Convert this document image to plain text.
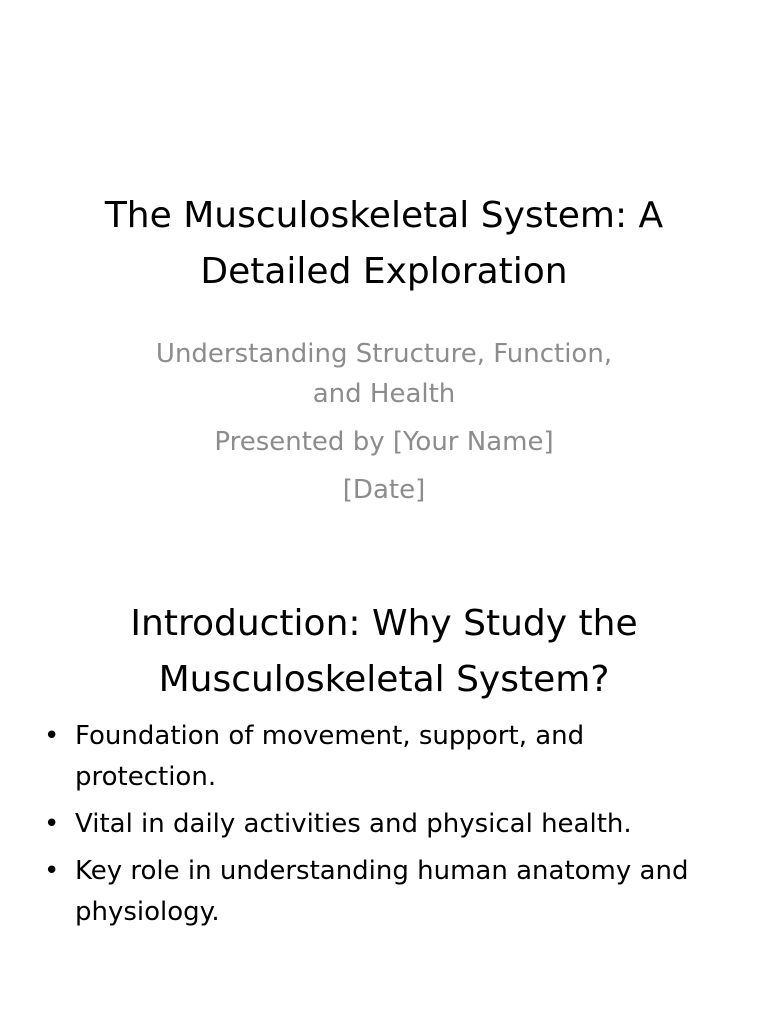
The Musculoskeletal System: A
Detailed Exploration
Understanding Structure, Function,
and Health
Presented by [Your Name]
[Date]
Introduction: Why Study the
Musculoskeletal System?
• Foundation of movement, support, and
protection.
• Vital in daily activities and physical health.
• Key role in understanding human anatomy and
physiology.
